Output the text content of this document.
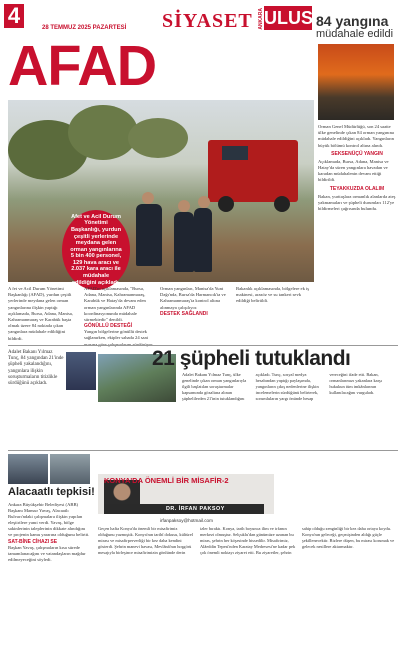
4	28 TEMMUZ 2025 PAZARTESİ SİYASET ANKARA ULUS 84 yangına
müdahale edildi
AFAD
Afet ve Acil Durum Yönetimi Başkanlığı, yurdun çeşitli yerlerinde meydana gelen orman yangınlarına 5 bin 400 personel, 129 hava aracı ve 2.037 kara aracı ile müdahale edildiğini açıkladı.

Orman Genel Müdürlüğü, son 24 saatte ülke genelinde çıkan 84 orman yangınına müdahale edildiğini açıkladı. Yangınların büyük bölümü kontrol altına alındı.

SEKSENÜÇÜ YANGIN

Açıklamada, Bursa, Adana, Manisa ve Hatay'da süren yangınlara havadan ve karadan müdahalenin devam ettiği bildirildi.

TEYAKKUZDA OLALIM

Bakan, yurttaşlara ormanlık alanlarda ateş yakmamaları ve şüpheli durumları 112'ye bildirmeleri çağrısında bulundu.

A fet ve Acil Durum Yönetimi Başkanlığı (AFAD), yurdun çeşitli yerlerinde meydana gelen orman yangınlarına ilişkin yaptığı açıklamada, Bursa, Adana, Manisa, Kahramanmaraş ve Karabük başta olmak üzere 84 noktada çıkan yangınlara müdahale edildiğini bildirdi.
AFAD'ın açıklamasında, "Bursa, Adana, Manisa, Kahramanmaraş, Karabük ve Hatay'da devam eden orman yangınlarında AFAD koordinasyonunda müdahale sürmektedir" denildi.

GÖNÜLLÜ DESTEĞİ

Yangın bölgelerine gönüllü destek sağlanırken, ekipler sahada 24 saat
Orman yangınları, Manisa'da Yunt Dağı'nda, Bursa'da Harmancık'ta ve Kahramanmaraş'ta kontrol altına alınmaya çalışılıyor.

DESTEK SAĞLANDI

Bakanlık açıklamasında, bölgelere ek iş makinesi, arazöz ve su tankeri sevk edildiği belirtildi.
Adalet Bakanı Yılmaz Tunç, 84 yangından 21'inde şüpheli yakalandığını, yangınlara ilişkin soruşturmaların titizlikle sürdüğünü açıkladı.
21 şüpheli tutuklandı
Adalet Bakanı Yılmaz Tunç, ülke genelinde çıkan orman yangınlarıyla ilgili başlatılan soruşturmalar kapsamında gözaltına alınan şüphelilerden 21'inin tutuklandığını açıkladı. Tunç, sosyal medya hesabından yaptığı paylaşımda, yangınların çıkış nedenlerine ilişkin incelemelerin sürdüğünü belirterek, sorumluların yargı önünde hesap vereceğini ifade etti. Bakan, ormanlarımızı yakanlara karşı hukukun tüm imkânlarının kullanılacağını vurguladı.
Alacaatlı tepkisi!

Ankara Büyükşehir Belediyesi (ABB) Başkanı Mansur Yavaş, Alacaatlı Bulvarı'ndaki çalışmalara ilişkin yapılan eleştirilere yanıt verdi. Yavaş, bölge sakinlerinin taleplerinin dikkate alındığını ve projenin kamu yararına olduğunu belirtti.

SAT-BİNE CİHAZI SE

Başkan Yavaş, çalışmaların kısa sürede tamamlanacağını ve vatandaşların mağdur edilmeyeceğini söyledi.

KONYA'DA ÖNEMLİ BİR MİSAFİR-2
DR. İRFAN PAKSOY
irfanpaksoy@hotmail.com
Geçen hafta Konya'da önemli bir misafirimiz olduğunu yazmıştık. Konya'nın tarihî dokusu, kültürel mirası ve misafirperverliği bir kez daha kendini gösterdi. Şehrin manevi havası, Mevlânâ'nın hoşgörü mesajıyla birleşince misafirimizin gönlünde derin izler bıraktı. Konya, tarih boyunca ilim ve irfanın merkezi olmuştur. Selçuklu'dan günümüze uzanan bu miras, şehrin her köşesinde hissedilir. Misafirimiz, Alâeddin Tepesi'nden Karatay Medresesi'ne kadar pek çok önemli noktayı ziyaret etti. Bu ziyaretler, şehrin sahip olduğu zenginliği bir kez daha ortaya koydu. Konya'nın geleceği, geçmişinden aldığı güçle şekillenecektir. Bizlere düşen, bu mirası korumak ve gelecek nesillere aktarmaktır.
